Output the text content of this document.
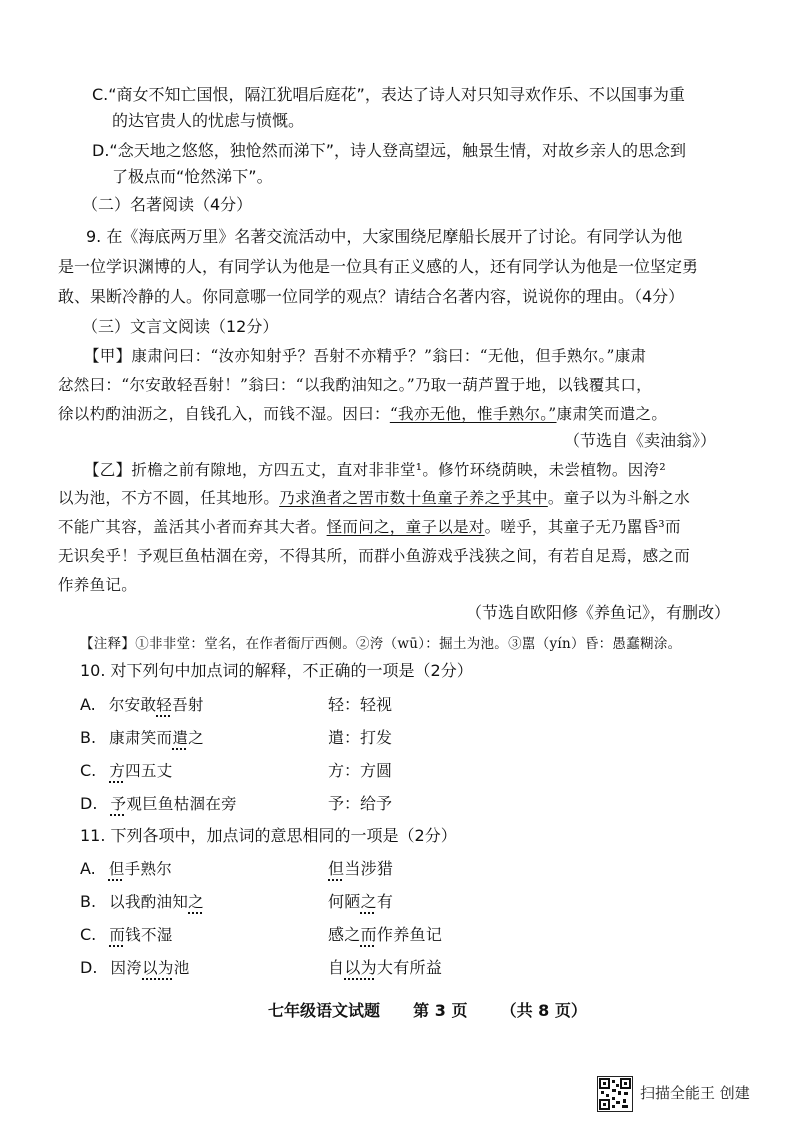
C.“商女不知亡国恨，隔江犹唱后庭花”，表达了诗人对只知寻欢作乐、不以国事为重
的达官贵人的忧虑与愤慨。
D.“念天地之悠悠，独怆然而涕下”，诗人登高望远，触景生情，对故乡亲人的思念到
了极点而“怆然涕下”。
（二）名著阅读（4分）
9. 在《海底两万里》名著交流活动中，大家围绕尼摩船长展开了讨论。有同学认为他
是一位学识渊博的人，有同学认为他是一位具有正义感的人，还有同学认为他是一位坚定勇
敢、果断冷静的人。你同意哪一位同学的观点？请结合名著内容，说说你的理由。（4分）
（三）文言文阅读（12分）
【甲】康肃问曰：“汝亦知射乎？吾射不亦精乎？”翁曰：“无他，但手熟尔。”康肃
忿然曰：“尔安敢轻吾射！”翁曰：“以我酌油知之。”乃取一葫芦置于地，以钱覆其口，
徐以杓酌油沥之，自钱孔入，而钱不湿。因曰：“我亦无他，惟手熟尔。”康肃笑而遣之。
（节选自《卖油翁》）
【乙】折檐之前有隙地，方四五丈，直对非非堂¹。修竹环绕荫映，未尝植物。因洿²
以为池，不方不圆，任其地形。乃求渔者之罟市数十鱼童子养之乎其中。童子以为斗斛之水
不能广其容，盖活其小者而弃其大者。怪而问之，童子以是对。嗟乎，其童子无乃嚚昏³而
无识矣乎！予观巨鱼枯涸在旁，不得其所，而群小鱼游戏乎浅狭之间，有若自足焉，感之而
作养鱼记。
（节选自欧阳修《养鱼记》，有删改）
【注释】①非非堂：堂名，在作者衙厅西侧。②洿（wū）：掘土为池。③嚚（yín）昏：愚蠢糊涂。
10. 对下列句中加点词的解释，不正确的一项是（2分）
A. 尔安敢轻吾射	轻：轻视
B. 康肃笑而遣之	遣：打发
C. 方四五丈	方：方圆
D. 予观巨鱼枯涸在旁	予：给予
11. 下列各项中，加点词的意思相同的一项是（2分）
A. 但手熟尔	但当涉猎
B. 以我酌油知之	何陋之有
C. 而钱不湿	感之而作养鱼记
D. 因洿以为池	自以为大有所益
七年级语文试题 第 3 页 （共 8 页）
扫描全能王 创建
